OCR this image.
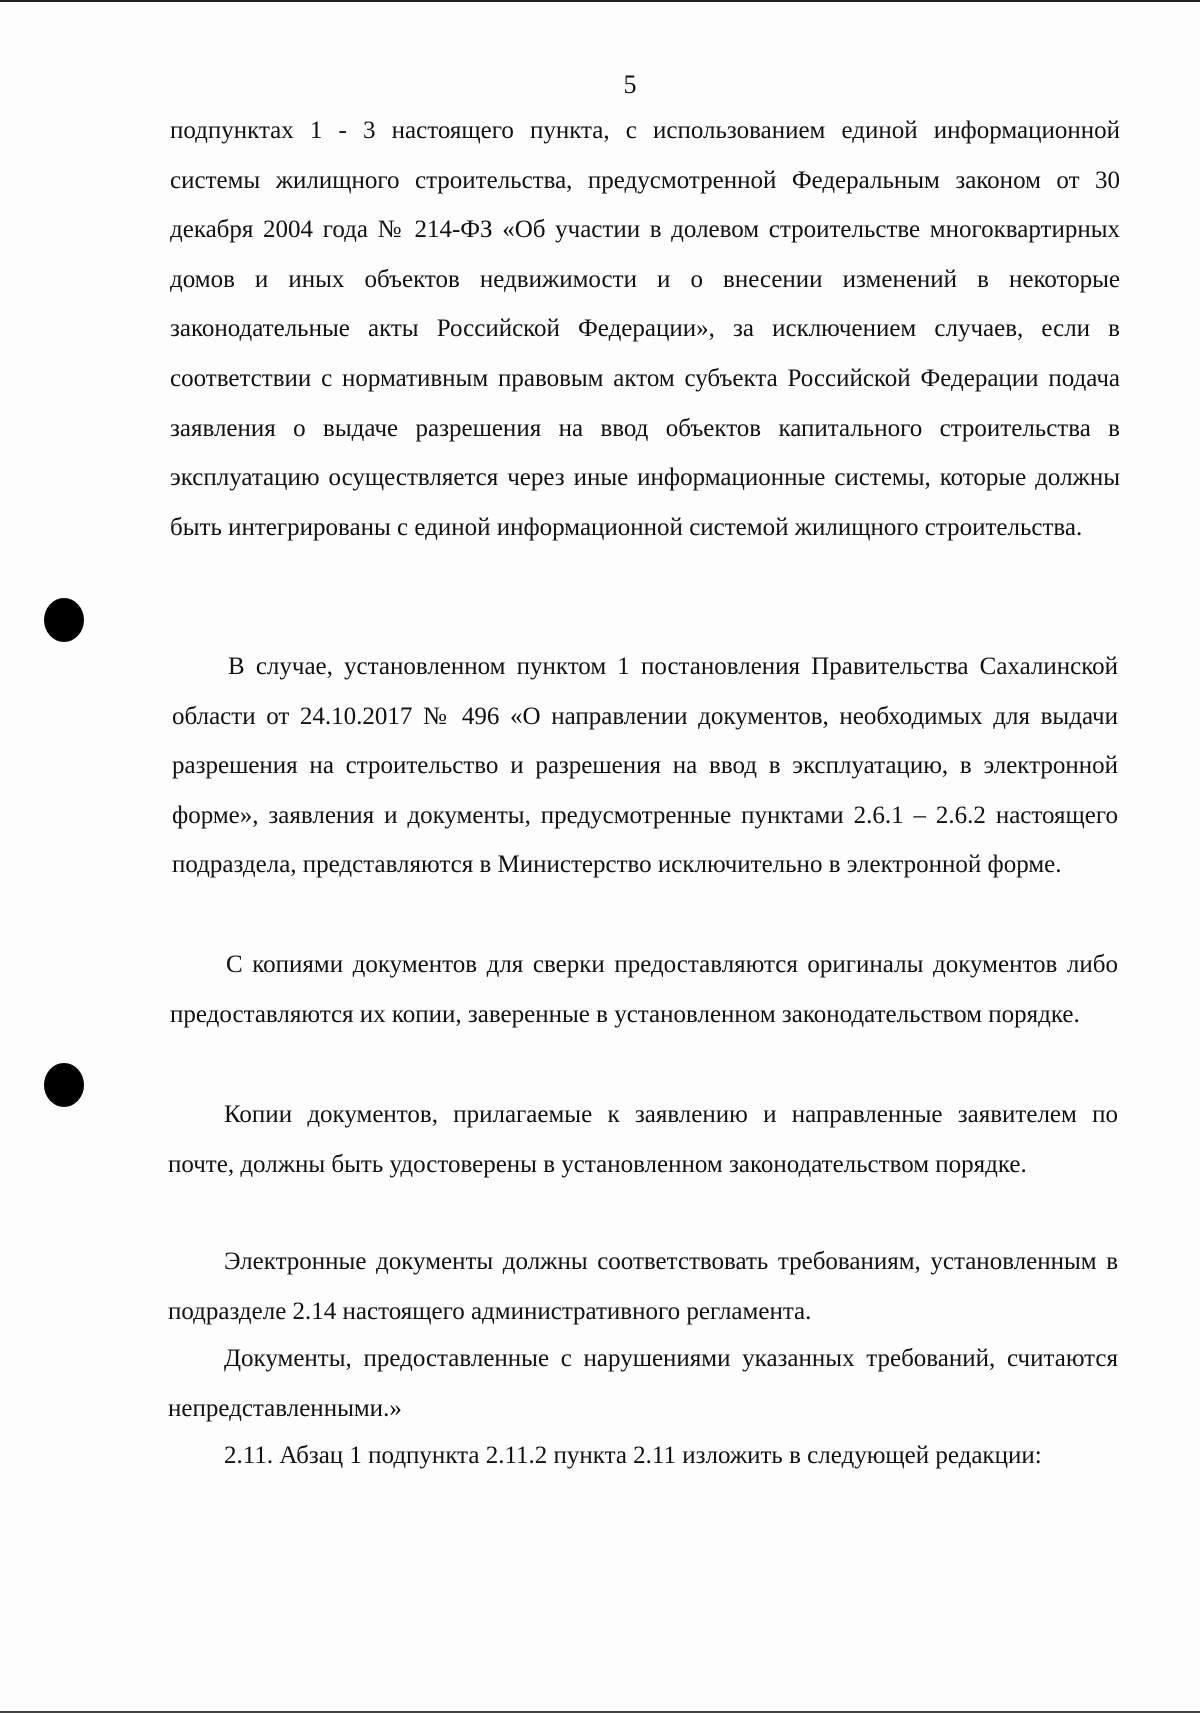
5

подпунктах 1 - 3 настоящего пункта, с использованием единой информационной системы жилищного строительства, предусмотренной Федеральным законом от 30 декабря 2004 года № 214-ФЗ «Об участии в долевом строительстве многоквартирных домов и иных объектов недвижимости и о внесении изменений в некоторые законодательные акты Российской Федерации», за исключением случаев, если в соответствии с нормативным правовым актом субъекта Российской Федерации подача заявления о выдаче разрешения на ввод объектов капитального строительства в эксплуатацию осуществляется через иные информационные системы, которые должны быть интегрированы с единой информационной системой жилищного строительства.

В случае, установленном пунктом 1 постановления Правительства Сахалинской области от 24.10.2017 № 496 «О направлении документов, необходимых для выдачи разрешения на строительство и разрешения на ввод в эксплуатацию, в электронной форме», заявления и документы, предусмотренные пунктами 2.6.1 – 2.6.2 настоящего подраздела, представляются в Министерство исключительно в электронной форме.

С копиями документов для сверки предоставляются оригиналы документов либо предоставляются их копии, заверенные в установленном законодательством порядке.

Копии документов, прилагаемые к заявлению и направленные заявителем по почте, должны быть удостоверены в установленном законодательством порядке.

Электронные документы должны соответствовать требованиям, установленным в подразделе 2.14 настоящего административного регламента.

Документы, предоставленные с нарушениями указанных требований, считаются непредставленными.»

2.11. Абзац 1 подпункта 2.11.2 пункта 2.11 изложить в следующей редакции:
